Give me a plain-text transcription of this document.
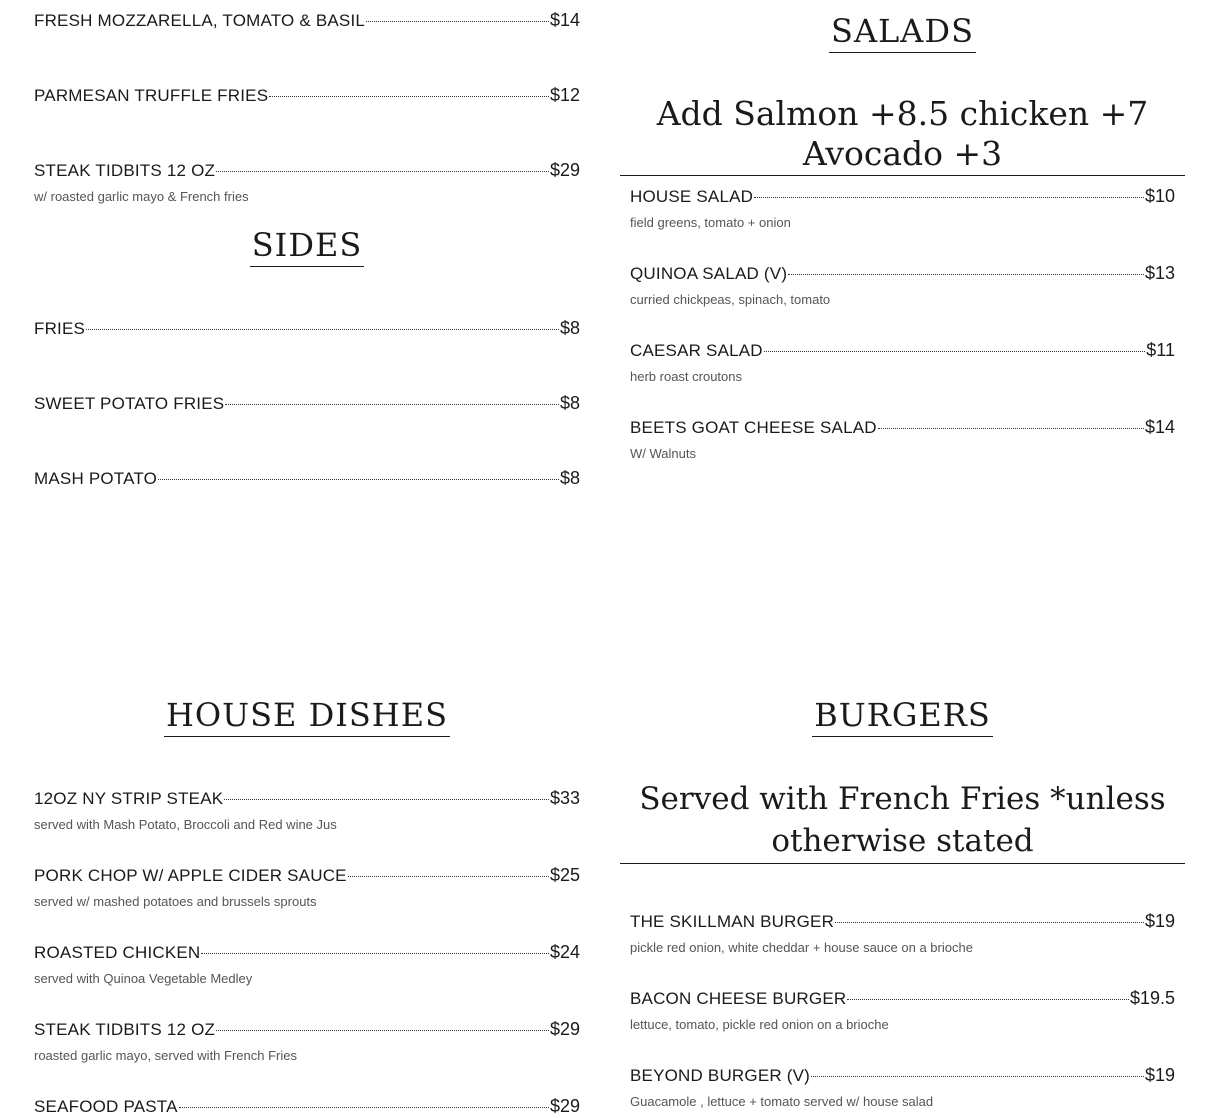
FRESH MOZZARELLA, TOMATO & BASIL	$14
PARMESAN TRUFFLE FRIES	$12
STEAK TIDBITS 12 OZ	$29
w/ roasted garlic mayo & French fries
SIDES
FRIES	$8
SWEET POTATO FRIES	$8
MASH POTATO	$8
SALADS
Add Salmon +8.5 chicken +7 Avocado +3
HOUSE SALAD	$10
field greens, tomato + onion
QUINOA SALAD (V)	$13
curried chickpeas, spinach, tomato
CAESAR SALAD	$11
herb roast croutons
BEETS GOAT CHEESE SALAD	$14
W/ Walnuts
HOUSE DISHES
12OZ NY STRIP STEAK	$33
served with Mash Potato, Broccoli and Red wine Jus
PORK CHOP W/ APPLE CIDER SAUCE	$25
served w/ mashed potatoes and brussels sprouts
ROASTED CHICKEN	$24
served with Quinoa Vegetable Medley
STEAK TIDBITS 12 OZ	$29
roasted garlic mayo, served with French Fries
SEAFOOD PASTA	$29
BURGERS
Served with French Fries *unless
otherwise stated
THE SKILLMAN BURGER	$19
pickle red onion, white cheddar + house sauce on a brioche
BACON CHEESE BURGER	$19.5
lettuce, tomato, pickle red onion on a brioche
BEYOND BURGER (V)	$19
Guacamole , lettuce + tomato served w/ house salad
